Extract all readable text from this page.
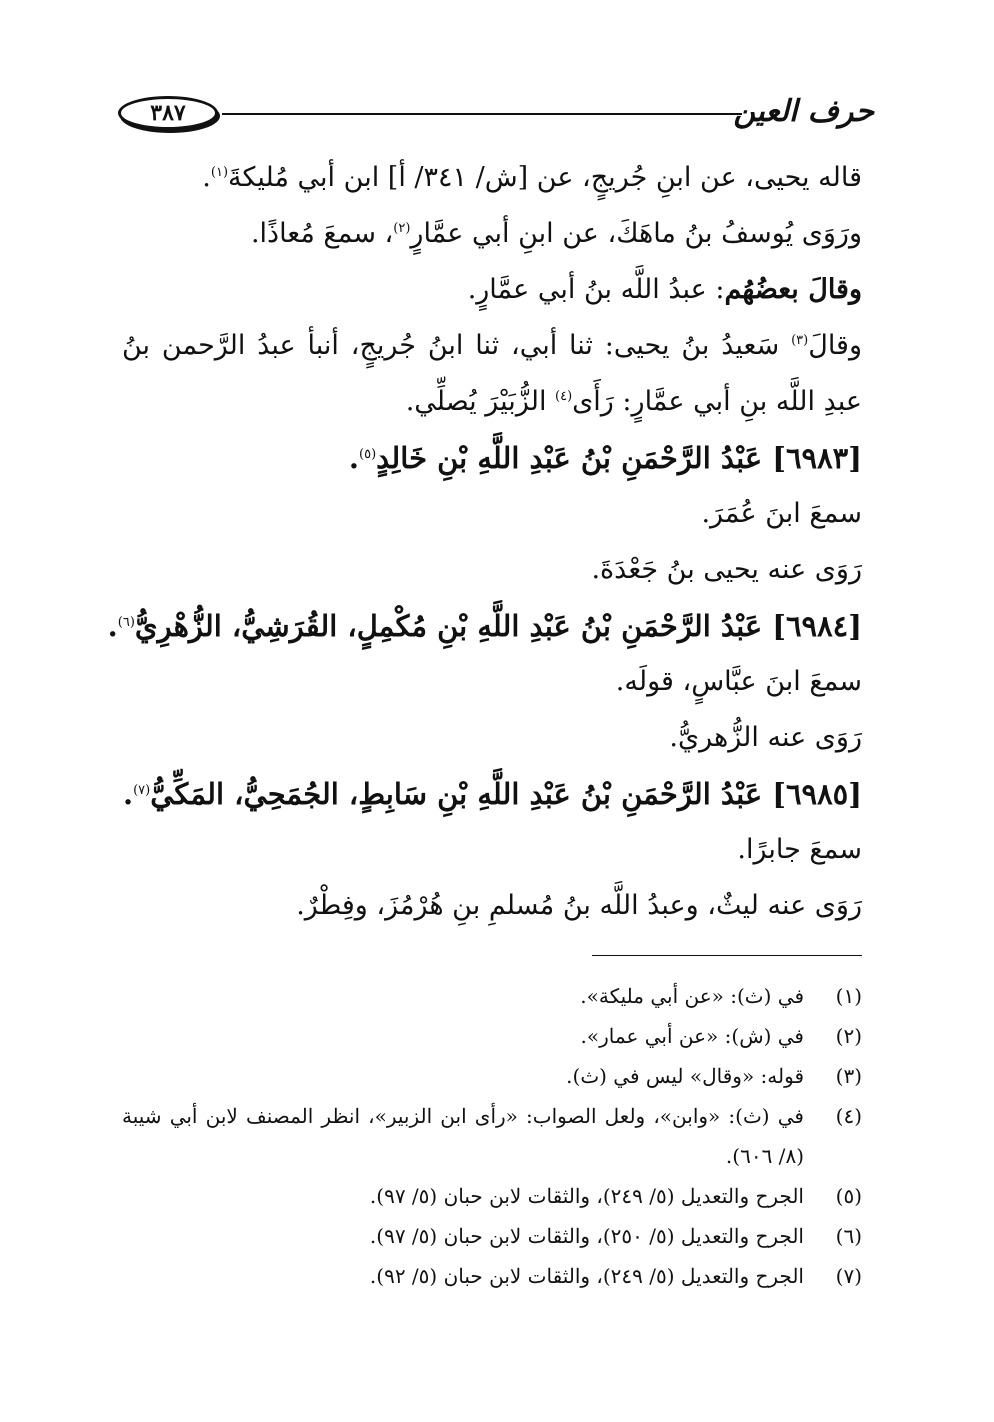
٣٨٧	حرف العين
قاله يحيى، عن ابنِ جُريجٍ، عن [ش/ ٣٤١/ أ] ابن أبي مُليكةَ$^{(١)}$.
ورَوَى يُوسفُ بنُ ماهَكَ، عن ابنِ أبي عمَّارٍ$^{(٢)}$، سمعَ مُعاذًا.
وقالَ بعضُهُم: عبدُ اللَّه بنُ أبي عمَّارٍ.
وقالَ$^{(٣)}$ سَعيدُ بنُ يحيى: ثنا أبي، ثنا ابنُ جُريجٍ، أنبأ عبدُ الرَّحمن بنُ
عبدِ اللَّه بنِ أبي عمَّارٍ: رَأَى$^{(٤)}$ الزُّبَيْرَ يُصلِّي.
[٦٩٨٣] عَبْدُ الرَّحْمَنِ بْنُ عَبْدِ اللَّهِ بْنِ خَالِدٍ$^{(٥)}$.
سمعَ ابنَ عُمَرَ.
رَوَى عنه يحيى بنُ جَعْدَةَ.
[٦٩٨٤] عَبْدُ الرَّحْمَنِ بْنُ عَبْدِ اللَّهِ بْنِ مُكْمِلٍ، القُرَشِيُّ، الزُّهْرِيُّ$^{(٦)}$.
سمعَ ابنَ عبَّاسٍ، قولَه.
رَوَى عنه الزُّهريُّ.
[٦٩٨٥] عَبْدُ الرَّحْمَنِ بْنُ عَبْدِ اللَّهِ بْنِ سَابِطٍ، الجُمَحِيُّ، المَكِّيُّ$^{(٧)}$.
سمعَ جابرًا.
رَوَى عنه ليثٌ، وعبدُ اللَّه بنُ مُسلمِ بنِ هُرْمُزَ، وفِطْرٌ.
(١)
في (ث): «عن أبي مليكة».
(٢)
في (ش): «عن أبي عمار».
(٣)
قوله: «وقال» ليس في (ث).
(٤)
في (ث): «وابن»، ولعل الصواب: «رأى ابن الزبير»، انظر المصنف لابن أبي شيبة (٨/ ٦٠٦).
(٥)
الجرح والتعديل (٥/ ٢٤٩)، والثقات لابن حبان (٥/ ٩٧).
(٦)
الجرح والتعديل (٥/ ٢٥٠)، والثقات لابن حبان (٥/ ٩٧).
(٧)
الجرح والتعديل (٥/ ٢٤٩)، والثقات لابن حبان (٥/ ٩٢).
